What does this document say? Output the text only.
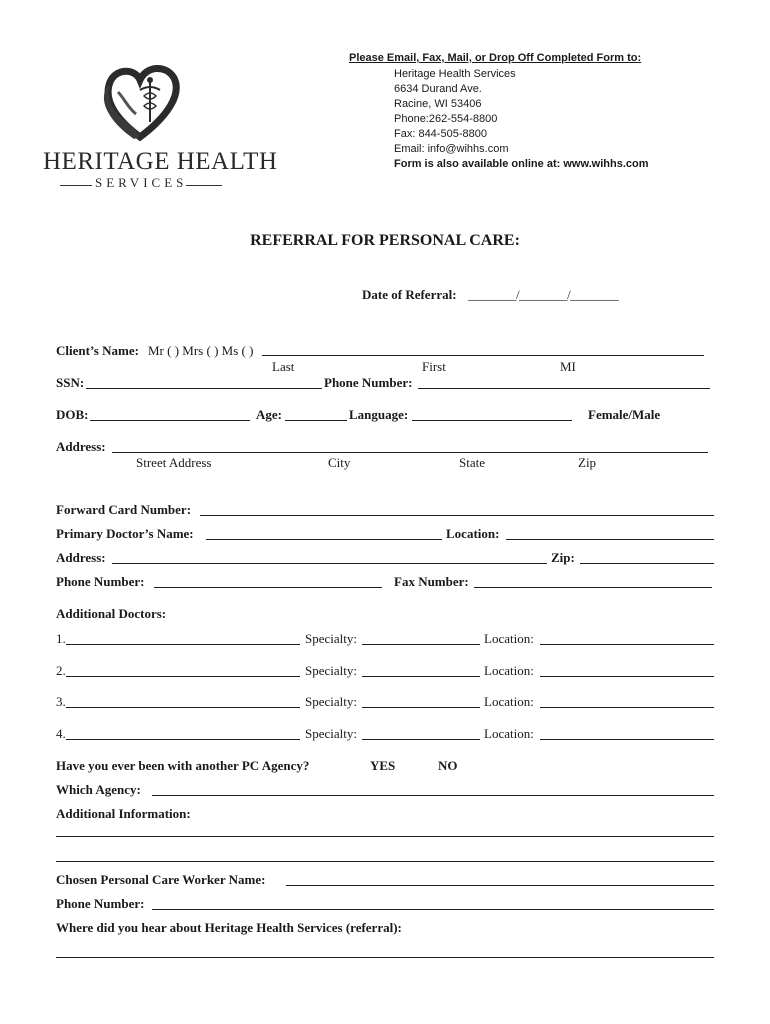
HERITAGE HEALTH
SERVICES
Please Email, Fax, Mail, or Drop Off Completed Form to:
Heritage Health Services
6634 Durand Ave.
Racine, WI 53406
Phone:262-554-8800
Fax: 844-505-8800
Email: info@wihhs.com
Form is also available online at: www.wihhs.com
REFERRAL FOR PERSONAL CARE:
Date of Referral: ________/________/________
Client’s Name: Mr ( ) Mrs ( ) Ms ( )
Last	First	MI
SSN:	Phone Number:
DOB:	Age:	Language:	Female/Male
Address:
Street Address	City	State	Zip
Forward Card Number:
Primary Doctor’s Name:	Location:
Address:	Zip:
Phone Number:	Fax Number:
Additional Doctors:
1.	Specialty:	Location:
2.	Specialty:	Location:
3.	Specialty:	Location:
4.	Specialty:	Location:
Have you ever been with another PC Agency?	YES	NO
Which Agency:
Additional Information:
Chosen Personal Care Worker Name:
Phone Number:
Where did you hear about Heritage Health Services (referral):
